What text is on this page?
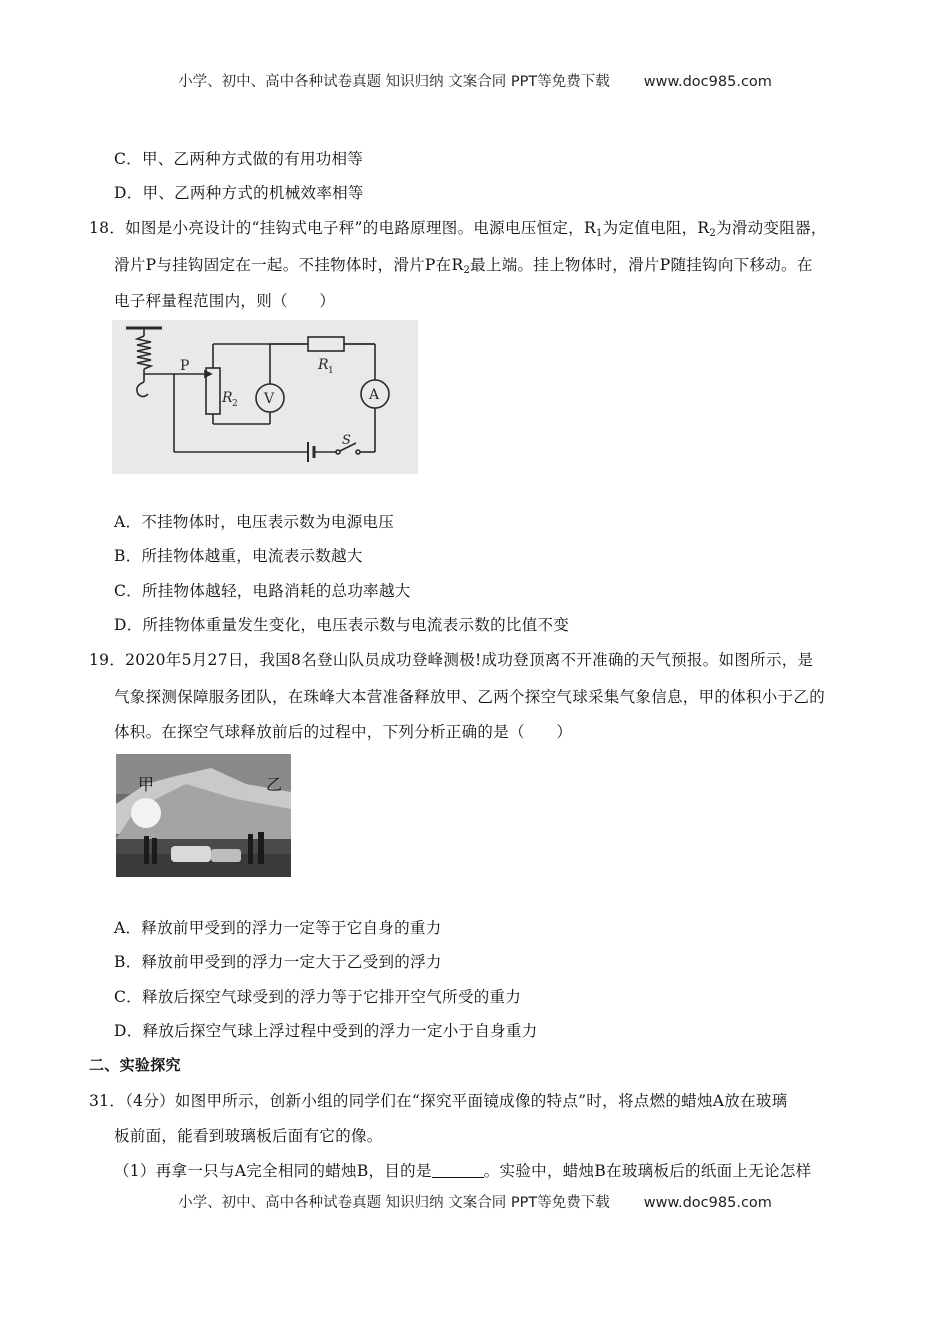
小学、初中、高中各种试卷真题 知识归纳 文案合同 PPT等免费下载 www.doc985.com
C．甲、乙两种方式做的有用功相等
D．甲、乙两种方式的机械效率相等
18．如图是小亮设计的“挂钩式电子秤”的电路原理图。电源电压恒定，$R_1$为定值电阻，$R_2$为滑动变阻器，
滑片P与挂钩固定在一起。不挂物体时，滑片P在$R_2$最上端。挂上物体时，滑片P随挂钩向下移动。在
电子秤量程范围内，则（　　）
P
R 2
R 1
V	A
S
A．不挂物体时，电压表示数为电源电压
B．所挂物体越重，电流表示数越大
C．所挂物体越轻，电路消耗的总功率越大
D．所挂物体重量发生变化，电压表示数与电流表示数的比值不变
19．2020年5月27日，我国8名登山队员成功登峰测极!成功登顶离不开准确的天气预报。如图所示，是
气象探测保障服务团队，在珠峰大本营准备释放甲、乙两个探空气球采集气象信息，甲的体积小于乙的
体积。在探空气球释放前后的过程中，下列分析正确的是（　　）
甲	乙
A．释放前甲受到的浮力一定等于它自身的重力
B．释放前甲受到的浮力一定大于乙受到的浮力
C．释放后探空气球受到的浮力等于它排开空气所受的重力
D．释放后探空气球上浮过程中受到的浮力一定小于自身重力
二、实验探究
31．（4分）如图甲所示，创新小组的同学们在“探究平面镜成像的特点”时，将点燃的蜡烛A放在玻璃
板前面，能看到玻璃板后面有它的像。
（1）再拿一只与A完全相同的蜡烛B，目的是	。实验中，蜡烛B在玻璃板后的纸面上无论怎样
小学、初中、高中各种试卷真题 知识归纳 文案合同 PPT等免费下载 www.doc985.com
